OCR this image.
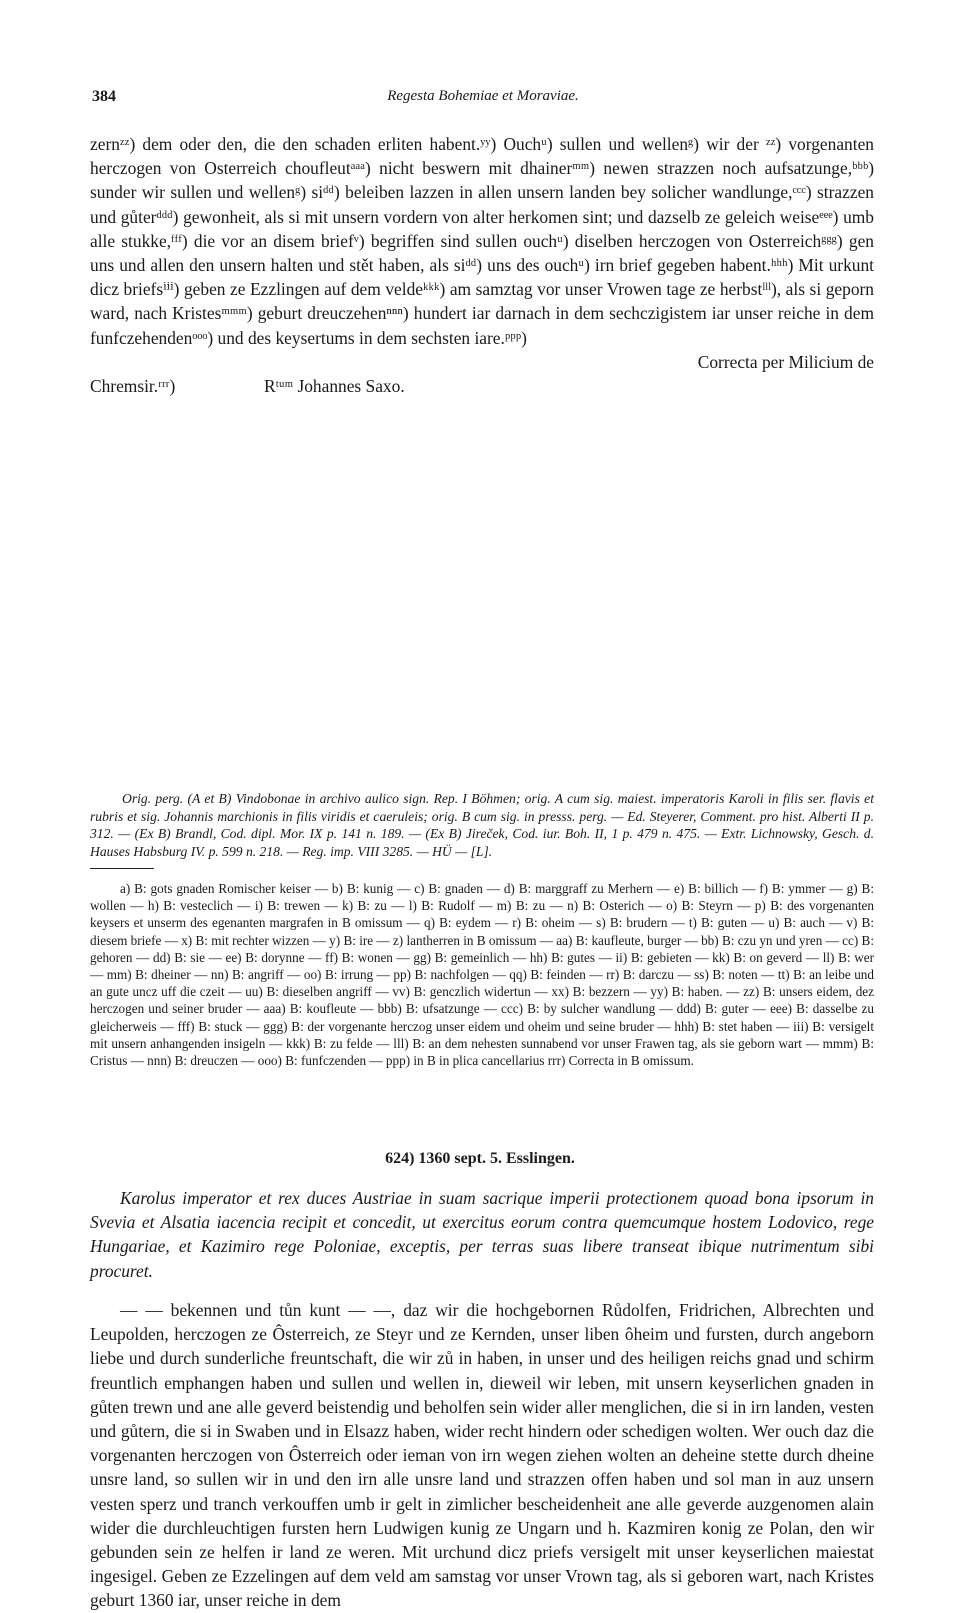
384	Regesta Bohemiae et Moraviae.

zernᶻᶻ) dem oder den, die den schaden erliten habent.ʸʸ) Ouchᵘ) sullen und wellenᵍ) wir der ᶻᶻ) vorgenanten herczogen von Osterreich choufleutᵃᵃᵃ) nicht beswern mit dhainerᵐᵐ) newen strazzen noch aufsatzunge,ᵇᵇᵇ) sunder wir sullen und wellenᵍ) siᵈᵈ) beleiben lazzen in allen unsern landen bey solicher wandlunge,ᶜᶜᶜ) strazzen und gůterᵈᵈᵈ) gewonheit, als si mit unsern vordern von alter herkomen sint; und dazselb ze geleich weiseᵉᵉᵉ) umb alle stukke,ᶠᶠᶠ) die vor an disem briefᵛ) begriffen sind sullen ouchᵘ) diselben herczogen von Osterreichᵍᵍᵍ) gen uns und allen den unsern halten und stět haben, als siᵈᵈ) uns des ouchᵘ) irn brief gegeben habent.ʰʰʰ) Mit urkunt dicz briefsⁱⁱⁱ) geben ze Ezzlingen auf dem veldeᵏᵏᵏ) am samztag vor unser Vrowen tage ze herbstˡˡˡ), als si geporn ward, nach Kristesᵐᵐᵐ) geburt dreuczehenⁿⁿⁿ) hundert iar darnach in dem sechczigistem iar unser reiche in dem funfczehendenᵒᵒᵒ) und des keysertums in dem sechsten iare.ᵖᵖᵖ)

Correcta per Milicium de
Chremsir.ʳʳʳ)	Rᵗᵘᵐ Johannes Saxo.

Orig. perg. (A et B) Vindobonae in archivo aulico sign. Rep. I Böhmen; orig. A cum sig. maiest. imperatoris Karoli in filis ser. flavis et rubris et sig. Johannis marchionis in filis viridis et caeruleis; orig. B cum sig. in presss. perg. — Ed. Steyerer, Comment. pro hist. Alberti II p. 312. — (Ex B) Brandl, Cod. dipl. Mor. IX p. 141 n. 189. — (Ex B) Jireček, Cod. iur. Boh. II, 1 p. 479 n. 475. — Extr. Lichnowsky, Gesch. d. Hauses Habsburg IV. p. 599 n. 218. — Reg. imp. VIII 3285. — HÜ — [L].

a) B: gots gnaden Romischer keiser — b) B: kunig — c) B: gnaden — d) B: marggraff zu Merhern — e) B: billich — f) B: ymmer — g) B: wollen — h) B: vesteclich — i) B: trewen — k) B: zu — l) B: Rudolf — m) B: zu — n) B: Osterich — o) B: Steyrn — p) B: des vorgenanten keysers et unserm des egenanten margrafen in B omissum — q) B: eydem — r) B: oheim — s) B: brudern — t) B: guten — u) B: auch — v) B: diesem briefe — x) B: mit rechter wizzen — y) B: ire — z) lantherren in B omissum — aa) B: kaufleute, burger — bb) B: czu yn und yren — cc) B: gehoren — dd) B: sie — ee) B: dorynne — ff) B: wonen — gg) B: gemeinlich — hh) B: gutes — ii) B: gebieten — kk) B: on geverd — ll) B: wer — mm) B: dheiner — nn) B: angriff — oo) B: irrung — pp) B: nachfolgen — qq) B: feinden — rr) B: darczu — ss) B: noten — tt) B: an leibe und an gute uncz uff die czeit — uu) B: dieselben angriff — vv) B: genczlich widertun — xx) B: bezzern — yy) B: haben. — zz) B: unsers eidem, dez herczogen und seiner bruder — aaa) B: koufleute — bbb) B: ufsatzunge — ccc) B: by sulcher wandlung — ddd) B: guter — eee) B: dasselbe zu gleicherweis — fff) B: stuck — ggg) B: der vorgenante herczog unser eidem und oheim und seine bruder — hhh) B: stet haben — iii) B: versigelt mit unsern anhangenden insigeln — kkk) B: zu felde — lll) B: an dem nehesten sunnabend vor unser Frawen tag, als sie geborn wart — mmm) B: Cristus — nnn) B: dreuczen — ooo) B: funfczenden — ppp) in B in plica cancellarius rrr) Correcta in B omissum.

624) 1360 sept. 5. Esslingen.

Karolus imperator et rex duces Austriae in suam sacrique imperii protectionem quoad bona ipsorum in Svevia et Alsatia iacencia recipit et concedit, ut exercitus eorum contra quemcumque hostem Lodovico, rege Hungariae, et Kazimiro rege Poloniae, exceptis, per terras suas libere transeat ibique nutrimentum sibi procuret.

— — bekennen und tůn kunt — —, daz wir die hochgebornen Růdolfen, Fridrichen, Albrechten und Leupolden, herczogen ze Ôsterreich, ze Steyr und ze Kernden, unser liben ôheim und fursten, durch angeborn liebe und durch sunderliche freuntschaft, die wir zů in haben, in unser und des heiligen reichs gnad und schirm freuntlich emphangen haben und sullen und wellen in, dieweil wir leben, mit unsern keyserlichen gnaden in gůten trewn und ane alle geverd beistendig und beholfen sein wider aller menglichen, die si in irn landen, vesten und gůtern, die si in Swaben und in Elsazz haben, wider recht hindern oder schedigen wolten. Wer ouch daz die vorgenanten herczogen von Ôsterreich oder ieman von irn wegen ziehen wolten an deheine stette durch dheine unsre land, so sullen wir in und den irn alle unsre land und strazzen offen haben und sol man in auz unsern vesten sperz und tranch verkouffen umb ir gelt in zimlicher bescheidenheit ane alle geverde auzgenomen alain wider die durchleuchtigen fursten hern Ludwigen kunig ze Ungarn und h. Kazmiren konig ze Polan, den wir gebunden sein ze helfen ir land ze weren. Mit urchund dicz priefs versigelt mit unser keyserlichen maiestat ingesigel. Geben ze Ezzelingen auf dem veld am samstag vor unser Vrown tag, als si geboren wart, nach Kristes geburt 1360 iar, unser reiche in dem
